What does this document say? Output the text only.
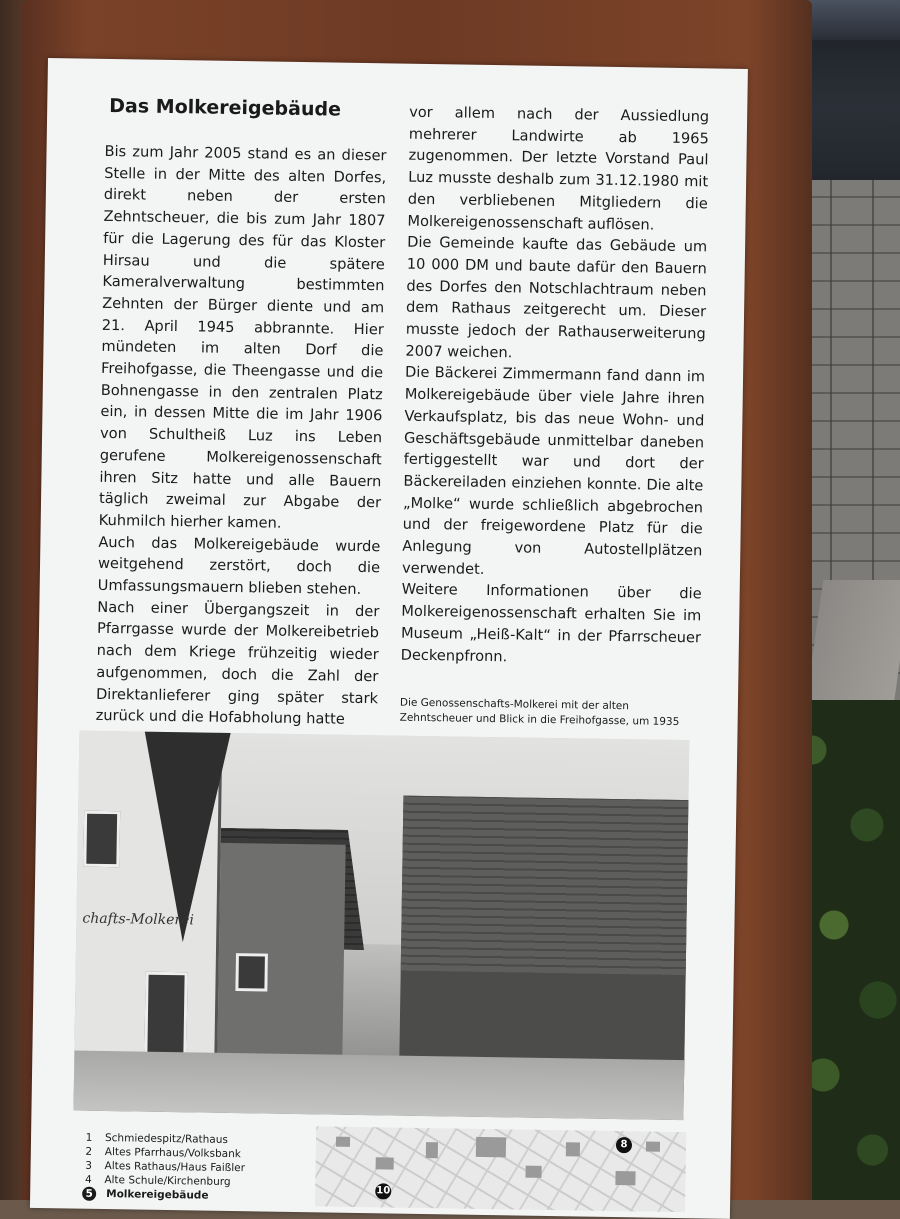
Das Molkereigebäude

Bis zum Jahr 2005 stand es an dieser Stelle in der Mitte des alten Dorfes, direkt neben der ersten Zehntscheuer, die bis zum Jahr 1807 für die Lagerung des für das Kloster Hirsau und die spätere Kameralverwaltung bestimmten Zehnten der Bürger diente und am 21. April 1945 abbrannte. Hier mündeten im alten Dorf die Freihofgasse, die Theengasse und die Bohnengasse in den zentralen Platz ein, in dessen Mitte die im Jahr 1906 von Schultheiß Luz ins Leben gerufene Molkereigenossenschaft ihren Sitz hatte und alle Bauern täglich zweimal zur Abgabe der Kuhmilch hierher kamen.

Auch das Molkereigebäude wurde weitgehend zerstört, doch die Umfassungsmauern blieben stehen.

Nach einer Übergangszeit in der Pfarrgasse wurde der Molkereibetrieb nach dem Kriege frühzeitig wieder aufgenommen, doch die Zahl der Direktanlieferer ging später stark zurück und die Hofabholung hatte

vor allem nach der Aussiedlung mehrerer Landwirte ab 1965 zugenommen. Der letzte Vorstand Paul Luz musste deshalb zum 31.12.1980 mit den verbliebenen Mitgliedern die Molkereigenossenschaft auflösen.

Die Gemeinde kaufte das Gebäude um 10 000 DM und baute dafür den Bauern des Dorfes den Notschlachtraum neben dem Rathaus zeitgerecht um. Dieser musste jedoch der Rathauserweiterung 2007 weichen.

Die Bäckerei Zimmermann fand dann im Molkereigebäude über viele Jahre ihren Verkaufsplatz, bis das neue Wohn- und Geschäftsgebäude unmittelbar daneben fertiggestellt war und dort der Bäckereiladen einziehen konnte. Die alte „Molke“ wurde schließlich abgebrochen und der freigewordene Platz für die Anlegung von Autostellplätzen verwendet.

Weitere Informationen über die Molkereigenossenschaft erhalten Sie im Museum „Heiß-Kalt“ in der Pfarrscheuer Deckenpfronn.

Die Genossenschafts-Molkerei mit der alten Zehntscheuer und Blick in die Freihofgasse, um 1935
chafts-Molkerei
1 Schmiedespitz/Rathaus
2 Altes Pfarrhaus/Volksbank
3 Altes Rathaus/Haus Faißler
4 Alte Schule/Kirchenburg
5	Molkereigebäude
8
10
